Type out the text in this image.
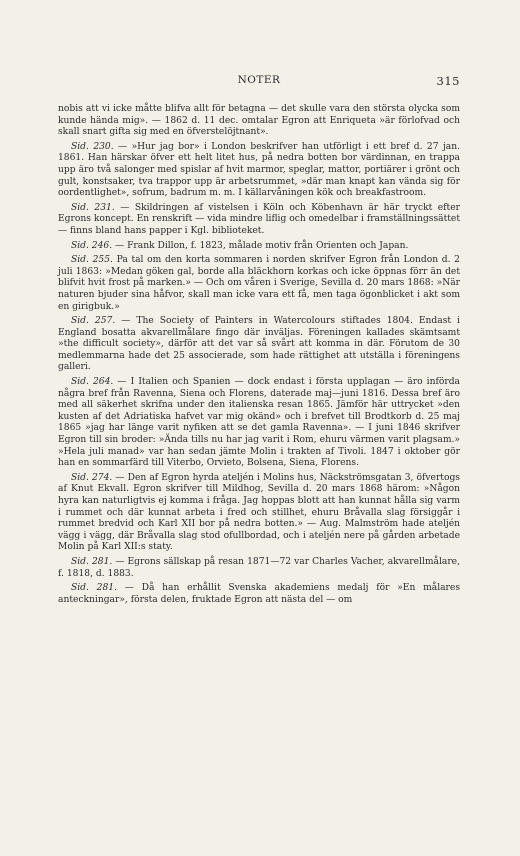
NOTER	315

nobis att vi icke måtte blifva allt för betagna — det skulle vara den största olycka som kunde hända mig». — 1862 d. 11 dec. omtalar Egron att Enriqueta »är förlofvad och skall snart gifta sig med en öfverstelöjtnant».

Sid. 230. — »Hur jag bor» i London beskrifver han utförligt i ett bref d. 27 jan. 1861. Han härskar öfver ett helt litet hus, på nedra botten bor värdinnan, en trappa upp äro två salonger med spislar af hvit marmor, speglar, mattor, portiärer i grönt och gult, konstsaker, tva trappor upp är arbetsrummet, »där man knapt kan vända sig för oordentlighet», sofrum, badrum m. m. I källarvåningen kök och breakfastroom.

Sid. 231. — Skildringen af vistelsen i Köln och Köbenhavn är här tryckt efter Egrons koncept. En renskrift — vida mindre liflig och omedelbar i framställningssättet — finns bland hans papper i Kgl. biblioteket.

Sid. 246. — Frank Dillon, f. 1823, målade motiv från Orienten och Japan.

Sid. 255. Pa tal om den korta sommaren i norden skrifver Egron från London d. 2 juli 1863: »Medan göken gal, borde alla bläckhorn korkas och icke öppnas förr än det blifvit hvit frost på marken.» — Och om våren i Sverige, Sevilla d. 20 mars 1868: »När naturen bjuder sina håfvor, skall man icke vara ett få, men taga ögonblicket i akt som en girigbuk.»

Sid. 257. — The Society of Painters in Watercolours stiftades 1804. Endast i England bosatta akvarellmålare fingo där inväljas. Föreningen kallades skämtsamt »the difficult society», därför att det var så svårt att komma in där. Förutom de 30 medlemmarna hade det 25 associerade, som hade rättighet att utställa i föreningens galleri.

Sid. 264. — I Italien och Spanien — dock endast i första upplagan — äro införda några bref från Ravenna, Siena och Florens, daterade maj—juni 1816. Dessa bref äro med all säkerhet skrifna under den italienska resan 1865. Jämför här uttrycket »den kusten af det Adriatiska hafvet var mig okänd» och i brefvet till Brodtkorb d. 25 maj 1865 »jag har länge varit nyfiken att se det gamla Ravenna». — I juni 1846 skrifver Egron till sin broder: »Ända tills nu har jag varit i Rom, ehuru värmen varit plagsam.» »Hela juli manad» var han sedan jämte Molin i trakten af Tivoli. 1847 i oktober gör han en sommarfärd till Viterbo, Orvieto, Bolsena, Siena, Florens.

Sid. 274. — Den af Egron hyrda ateljén i Molins hus, Näckströmsgatan 3, öfvertogs af Knut Ekvall. Egron skrifver till Mildhog, Sevilla d. 20 mars 1868 härom: »Någon hyra kan naturligtvis ej komma i fråga. Jag hoppas blott att han kunnat hålla sig varm i rummet och där kunnat arbeta i fred och stillhet, ehuru Bråvalla slag försiggår i rummet bredvid och Karl XII bor på nedra botten.» — Aug. Malmström hade ateljén vägg i vägg, där Bråvalla slag stod ofullbordad, och i ateljén nere på gården arbetade Molin på Karl XII:s staty.

Sid. 281. — Egrons sällskap på resan 1871—72 var Charles Vacher, akvarellmålare, f. 1818, d. 1883.

Sid. 281. — Då han erhållit Svenska akademiens medalj för »En målares anteckningar», första delen, fruktade Egron att nästa del — om
